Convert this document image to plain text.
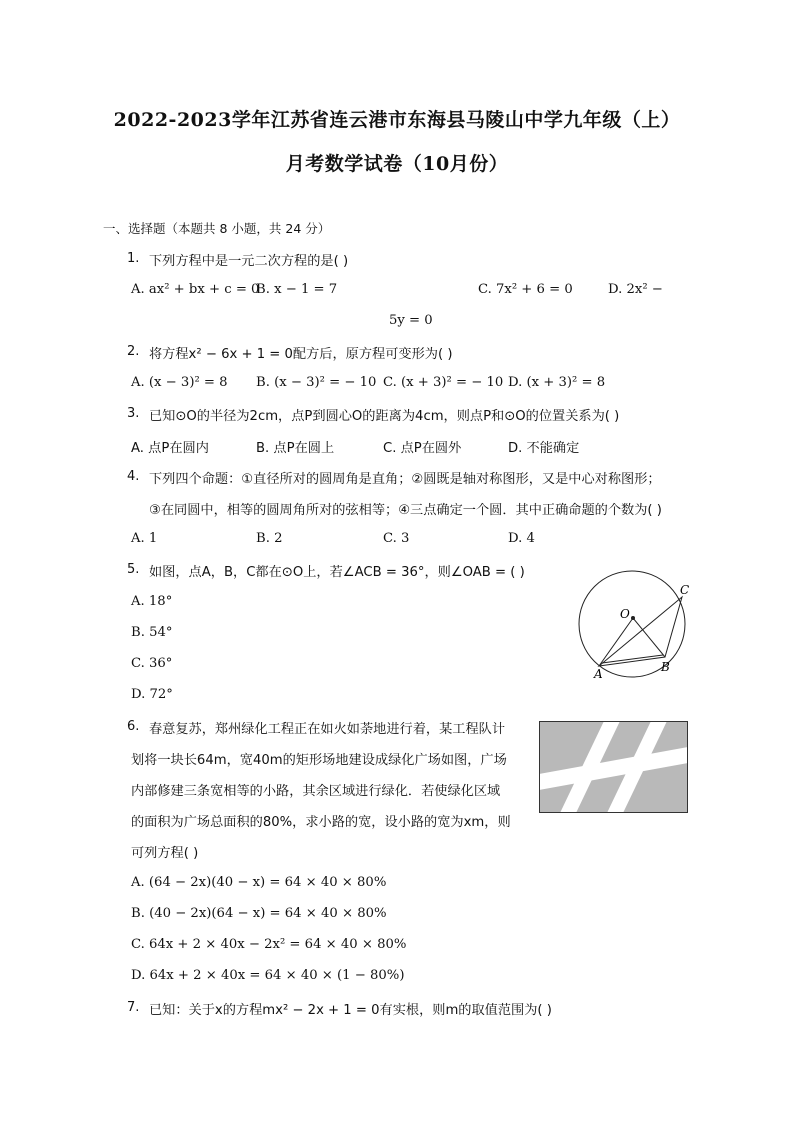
2022-2023学年江苏省连云港市东海县马陵山中学九年级（上）
月考数学试卷（10月份）
一、选择题（本题共 8 小题，共 24 分）
1. 下列方程中是一元二次方程的是( )
A. ax² + bx + c = 0
B. x − 1 = 7	C. 7x² + 6 = 0	D. 2x² −
5y = 0
2. 将方程x² − 6x + 1 = 0配方后，原方程可变形为( )
A. (x − 3)² = 8 B. (x − 3)² = − 10 C. (x + 3)² = − 10 D. (x + 3)² = 8
3. 已知⊙O的半径为2cm，点P到圆心O的距离为4cm，则点P和⊙O的位置关系为( )
A. 点P在圆内	B. 点P在圆上	C. 点P在圆外	D. 不能确定
4. 下列四个命题：①直径所对的圆周角是直角；②圆既是轴对称图形，又是中心对称图形；
③在同圆中，相等的圆周角所对的弦相等；④三点确定一个圆．其中正确命题的个数为( )
A. 1	B. 2	C. 3	D. 4
5. 如图，点A，B，C都在⊙O上，若∠ACB = 36°，则∠OAB = ( )
A. 18°
B. 54°
C. 36°
D. 72°
O
A	B
C
6. 春意复苏，郑州绿化工程正在如火如荼地进行着，某工程队计
划将一块长64m，宽40m的矩形场地建设成绿化广场如图，广场
内部修建三条宽相等的小路，其余区域进行绿化．若使绿化区域
的面积为广场总面积的80%，求小路的宽，设小路的宽为xm，则
可列方程( )
A. (64 − 2x)(40 − x) = 64 × 40 × 80%
B. (40 − 2x)(64 − x) = 64 × 40 × 80%
C. 64x + 2 × 40x − 2x² = 64 × 40 × 80%
D. 64x + 2 × 40x = 64 × 40 × (1 − 80%)
7. 已知：关于x的方程mx² − 2x + 1 = 0有实根，则m的取值范围为( )
